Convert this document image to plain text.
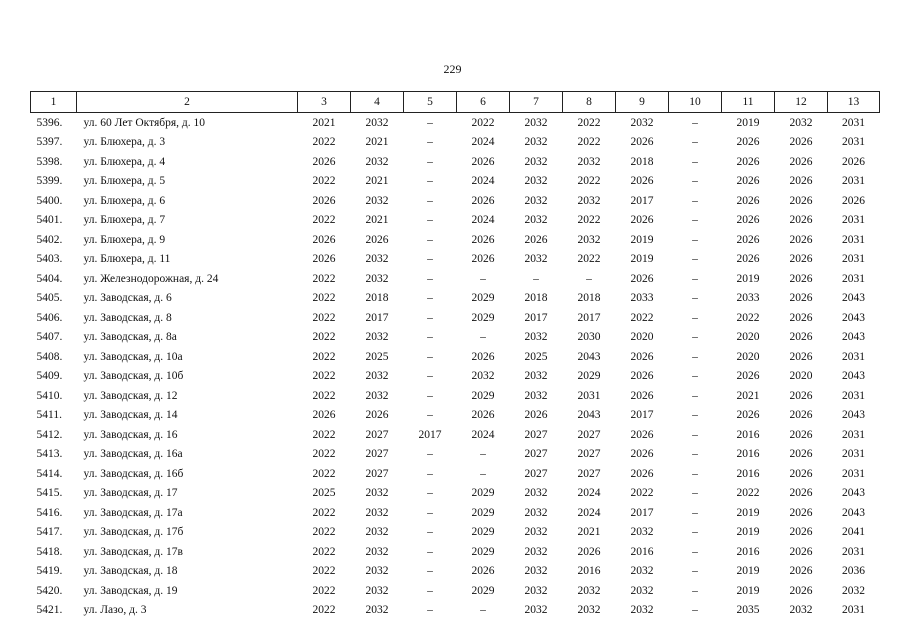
229
1	2	3	4	5	6	7	8	9	10	11	12	13
5396.	ул. 60 Лет Октября, д. 10	2021	2032	–	2022	2032	2022	2032	–	2019	2032	2031
5397.	ул. Блюхера, д. 3	2022	2021	–	2024	2032	2022	2026	–	2026	2026	2031
5398.	ул. Блюхера, д. 4	2026	2032	–	2026	2032	2032	2018	–	2026	2026	2026
5399.	ул. Блюхера, д. 5	2022	2021	–	2024	2032	2022	2026	–	2026	2026	2031
5400.	ул. Блюхера, д. 6	2026	2032	–	2026	2032	2032	2017	–	2026	2026	2026
5401.	ул. Блюхера, д. 7	2022	2021	–	2024	2032	2022	2026	–	2026	2026	2031
5402.	ул. Блюхера, д. 9	2026	2026	–	2026	2026	2032	2019	–	2026	2026	2031
5403.	ул. Блюхера, д. 11	2026	2032	–	2026	2032	2022	2019	–	2026	2026	2031
5404.	ул. Железнодорожная, д. 24	2022	2032	–	–	–	–	2026	–	2019	2026	2031
5405.	ул. Заводская, д. 6	2022	2018	–	2029	2018	2018	2033	–	2033	2026	2043
5406.	ул. Заводская, д. 8	2022	2017	–	2029	2017	2017	2022	–	2022	2026	2043
5407.	ул. Заводская, д. 8а	2022	2032	–	–	2032	2030	2020	–	2020	2026	2043
5408.	ул. Заводская, д. 10а	2022	2025	–	2026	2025	2043	2026	–	2020	2026	2031
5409.	ул. Заводская, д. 10б	2022	2032	–	2032	2032	2029	2026	–	2026	2020	2043
5410.	ул. Заводская, д. 12	2022	2032	–	2029	2032	2031	2026	–	2021	2026	2031
5411.	ул. Заводская, д. 14	2026	2026	–	2026	2026	2043	2017	–	2026	2026	2043
5412.	ул. Заводская, д. 16	2022	2027	2017	2024	2027	2027	2026	–	2016	2026	2031
5413.	ул. Заводская, д. 16а	2022	2027	–	–	2027	2027	2026	–	2016	2026	2031
5414.	ул. Заводская, д. 16б	2022	2027	–	–	2027	2027	2026	–	2016	2026	2031
5415.	ул. Заводская, д. 17	2025	2032	–	2029	2032	2024	2022	–	2022	2026	2043
5416.	ул. Заводская, д. 17а	2022	2032	–	2029	2032	2024	2017	–	2019	2026	2043
5417.	ул. Заводская, д. 17б	2022	2032	–	2029	2032	2021	2032	–	2019	2026	2041
5418.	ул. Заводская, д. 17в	2022	2032	–	2029	2032	2026	2016	–	2016	2026	2031
5419.	ул. Заводская, д. 18	2022	2032	–	2026	2032	2016	2032	–	2019	2026	2036
5420.	ул. Заводская, д. 19	2022	2032	–	2029	2032	2032	2032	–	2019	2026	2032
5421.	ул. Лазо, д. 3	2022	2032	–	–	2032	2032	2032	–	2035	2032	2031
